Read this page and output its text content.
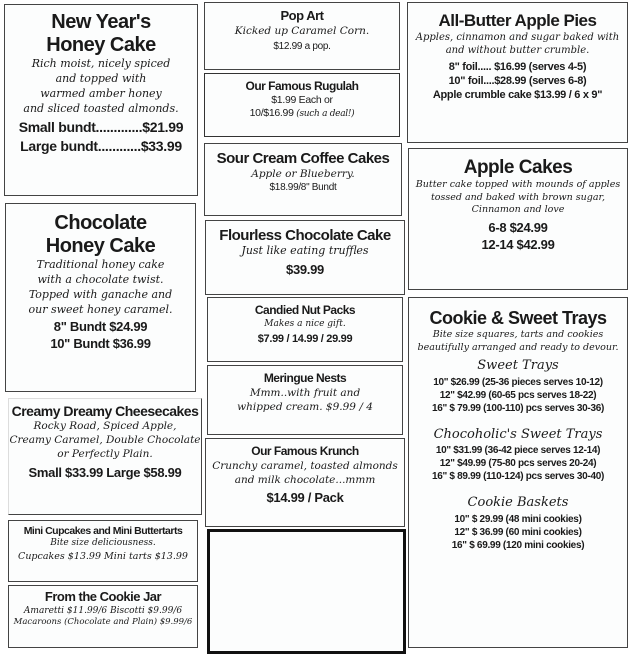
New Year's
Honey Cake
Rich moist, nicely spiced
and topped with
warmed amber honey
and sliced toasted almonds.
Small bundt.............$21.99
Large bundt............$33.99
Chocolate
Honey Cake
Traditional honey cake
with a chocolate twist.
Topped with ganache and
our sweet honey caramel.
8" Bundt $24.99
10" Bundt $36.99
Creamy Dreamy Cheesecakes
Rocky Road, Spiced Apple,
Creamy Caramel, Double Chocolate
or Perfectly Plain.
Small $33.99 Large $58.99
Mini Cupcakes and Mini Buttertarts
Bite size deliciousness.
Cupcakes $13.99 Mini tarts $13.99
From the Cookie Jar
Amaretti $11.99/6 Biscotti $9.99/6
Macaroons (Chocolate and Plain) $9.99/6
Pop Art
Kicked up Caramel Corn.
$12.99 a pop.
Our Famous Rugulah
$1.99 Each or
10/$16.99 (such a deal!)
Sour Cream Coffee Cakes
Apple or Blueberry.
$18.99/8" Bundt
Flourless Chocolate Cake
Just like eating truffles
$39.99
Candied Nut Packs
Makes a nice gift.
$7.99 / 14.99 / 29.99
Meringue Nests
Mmm..with fruit and
whipped cream. $9.99 / 4
Our Famous Krunch
Crunchy caramel, toasted almonds
and milk chocolate...mmm
$14.99 / Pack
All-Butter Apple Pies
Apples, cinnamon and sugar baked with
and without butter crumble.
8" foil..... $16.99 (serves 4-5)
10" foil....$28.99 (serves 6-8)
Apple crumble cake $13.99 / 6 x 9"
Apple Cakes
Butter cake topped with mounds of apples
tossed and baked with brown sugar,
Cinnamon and love
6-8 $24.99
12-14 $42.99
Cookie & Sweet Trays
Bite size squares, tarts and cookies
beautifully arranged and ready to devour.
Sweet Trays
10" $26.99 (25-36 pieces serves 10-12)
12" $42.99 (60-65 pcs serves 18-22)
16" $ 79.99 (100-110) pcs serves 30-36)
Chocoholic's Sweet Trays
10" $31.99 (36-42 piece serves 12-14)
12" $49.99 (75-80 pcs serves 20-24)
16" $ 89.99 (110-124) pcs serves 30-40)
Cookie Baskets
10" $ 29.99 (48 mini cookies)
12" $ 36.99 (60 mini cookies)
16" $ 69.99 (120 mini cookies)
